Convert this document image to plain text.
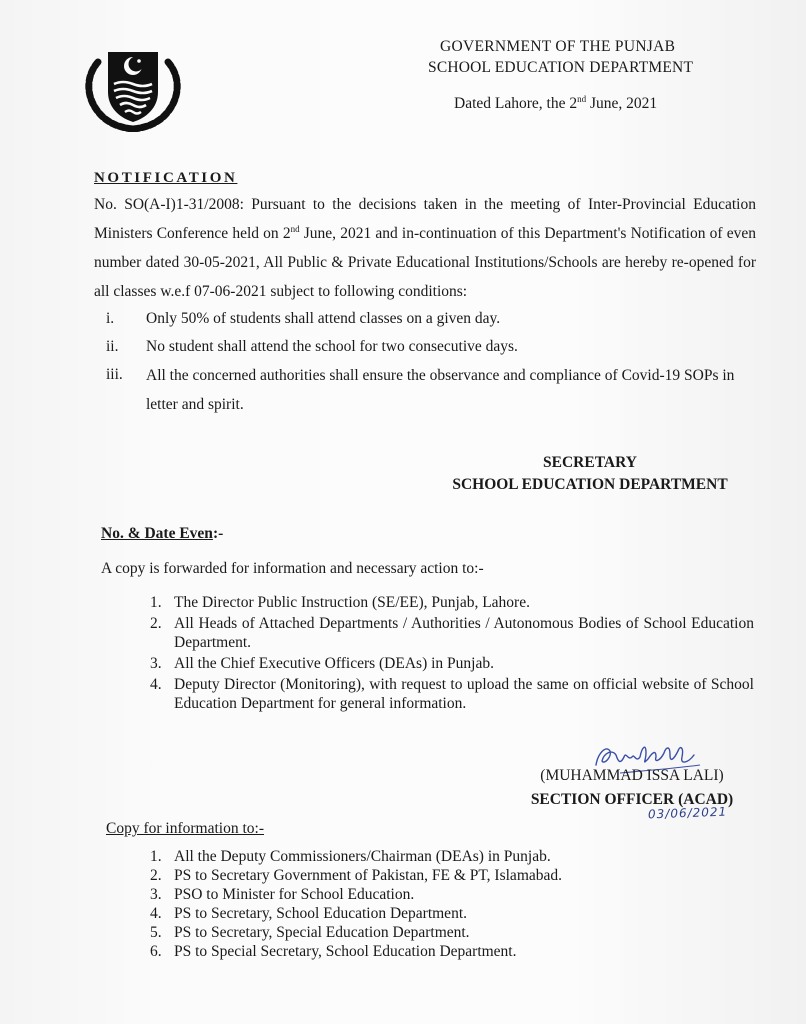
GOVERNMENT OF THE PUNJAB
SCHOOL EDUCATION DEPARTMENT
Dated Lahore, the 2nd June, 2021
NOTIFICATION
No. SO(A-I)1-31/2008: Pursuant to the decisions taken in the meeting of Inter-Provincial Education Ministers Conference held on 2nd June, 2021 and in-continuation of this Department's Notification of even number dated 30-05-2021, All Public & Private Educational Institutions/Schools are hereby re-opened for all classes w.e.f 07-06-2021 subject to following conditions:
i.	Only 50% of students shall attend classes on a given day.
ii.	No student shall attend the school for two consecutive days.
iii.	All the concerned authorities shall ensure the observance and compliance of Covid-19 SOPs in letter and spirit.
SECRETARY
SCHOOL EDUCATION DEPARTMENT
No. & Date Even:-
A copy is forwarded for information and necessary action to:-
1. The Director Public Instruction (SE/EE), Punjab, Lahore.
2. All Heads of Attached Departments / Authorities / Autonomous Bodies of School Education Department.
3. All the Chief Executive Officers (DEAs) in Punjab.
4. Deputy Director (Monitoring), with request to upload the same on official website of School Education Department for general information.
(MUHAMMAD ISSA LALI)
SECTION OFFICER (ACAD)
03/06/2021
Copy for information to:-
1. All the Deputy Commissioners/Chairman (DEAs) in Punjab.
2. PS to Secretary Government of Pakistan, FE & PT, Islamabad.
3. PSO to Minister for School Education.
4. PS to Secretary, School Education Department.
5. PS to Secretary, Special Education Department.
6. PS to Special Secretary, School Education Department.
